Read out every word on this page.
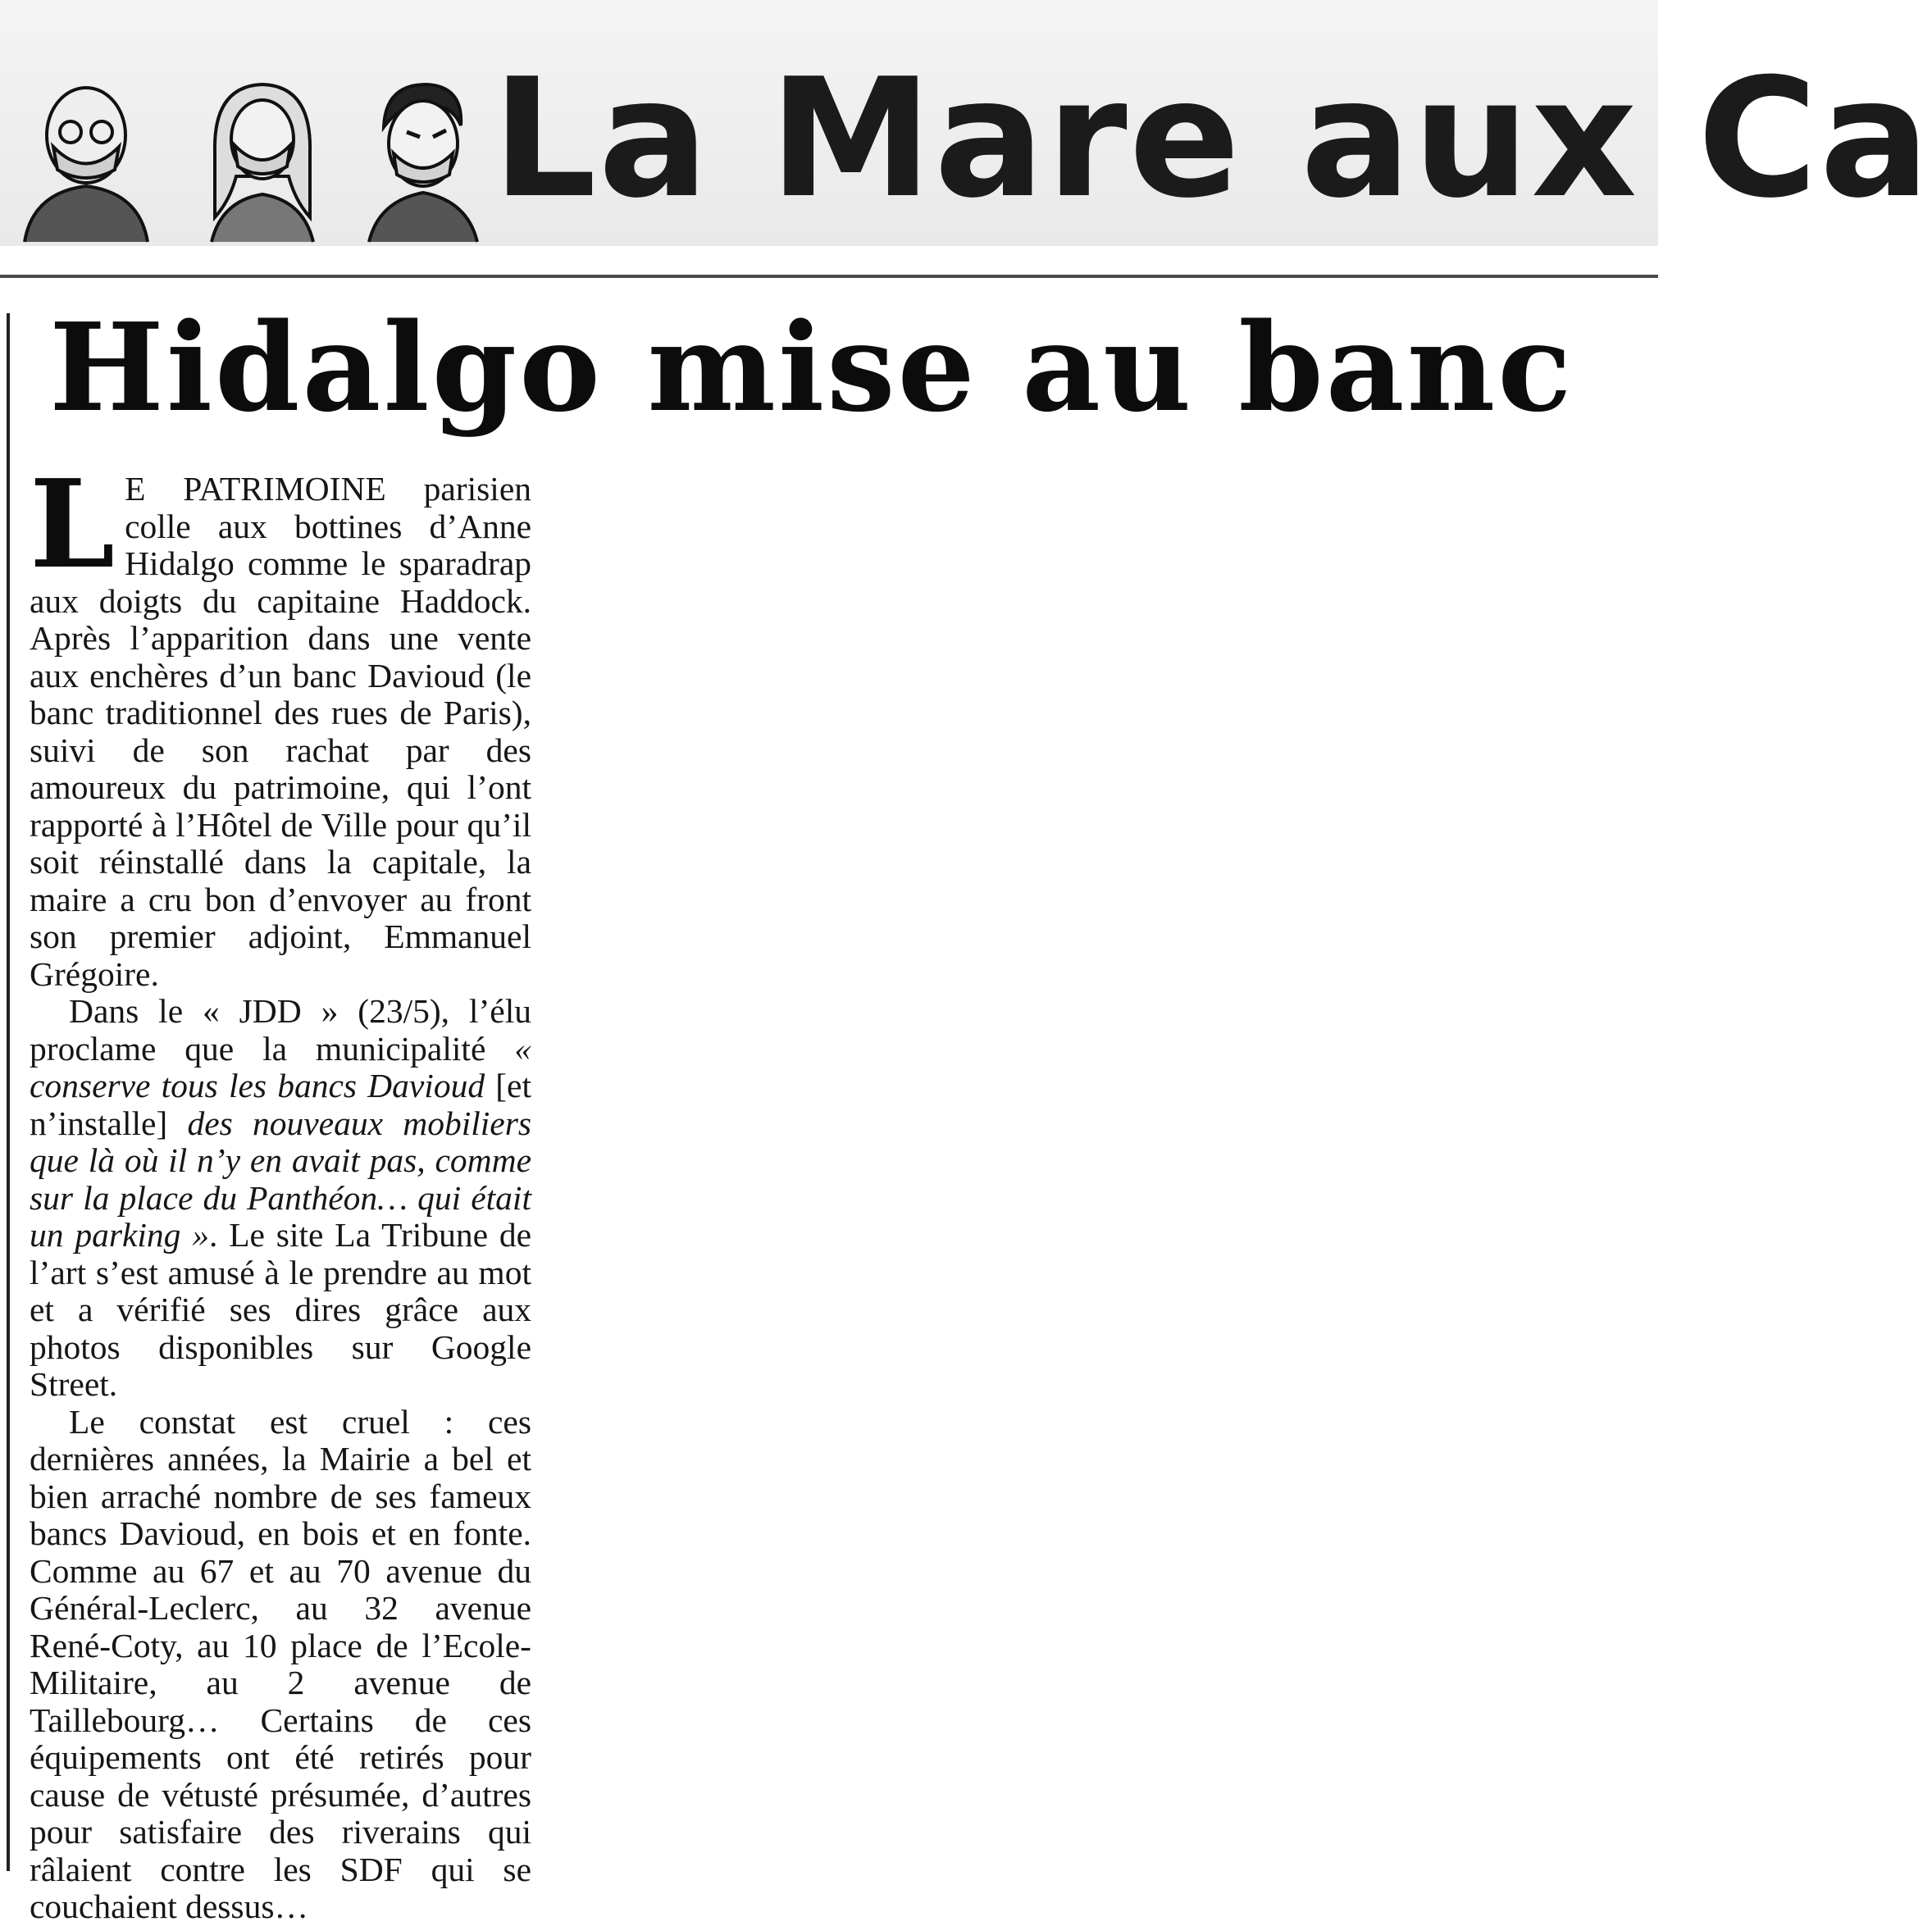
La Mare aux Ca
Hidalgo mise au banc

L E PATRIMOINE parisien colle aux bottines d’Anne Hidalgo comme le sparadrap aux doigts du capitaine Haddock. Après l’apparition dans une vente aux enchères d’un banc Davioud (le banc traditionnel des rues de Paris), suivi de son rachat par des amoureux du patrimoine, qui l’ont rapporté à l’Hôtel de Ville pour qu’il soit réinstallé dans la capitale, la maire a cru bon d’envoyer au front son premier adjoint, Emmanuel Grégoire.

Dans le « JDD » (23/5), l’élu proclame que la municipalité « conserve tous les bancs Davioud [et n’installe] des nouveaux mobiliers que là où il n’y en avait pas, comme sur la place du Panthéon… qui était un parking ». Le site La Tribune de l’art s’est amusé à le prendre au mot et a vérifié ses dires grâce aux photos disponibles sur Google Street.

Le constat est cruel : ces dernières années, la Mairie a bel et bien arraché nombre de ses fameux bancs Davioud, en bois et en fonte. Comme au 67 et au 70 avenue du Général-Leclerc, au 32 avenue René-Coty, au 10 place de l’Ecole-Militaire, au 2 avenue de Taillebourg… Certains de ces équipements ont été retirés pour cause de vétusté présumée, d’autres pour satisfaire des riverains qui râlaient contre les SDF qui se couchaient dessus…
